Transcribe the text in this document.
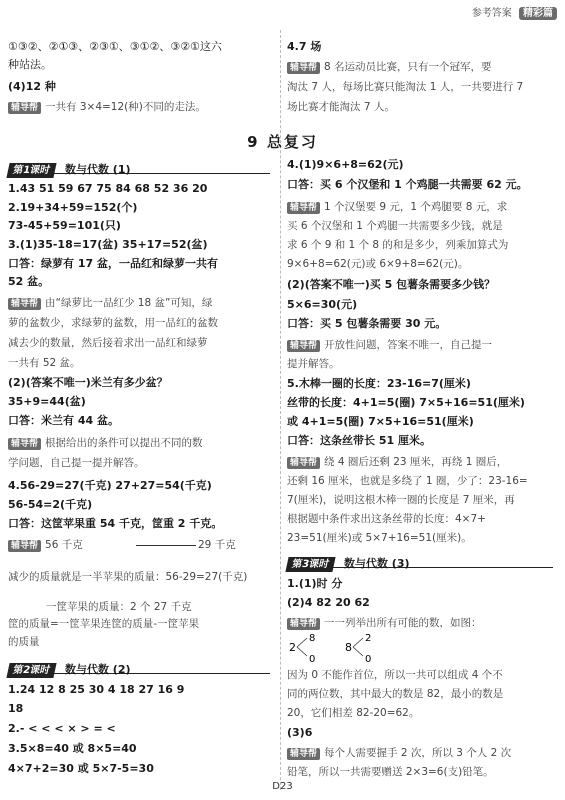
参考答案 精彩篇
9 总复习
①③②、②①③、②③①、③①②、③②①这六
种站法。
(4)12 种
辅导帮 一共有 3×4=12(种)不同的走法。
第1课时 数与代数 (1)
1.43 51 59 67 75 84 68 52 36 20
2.19+34+59=152(个)
73-45+59=101(只)
3.(1)35-18=17(盆) 35+17=52(盆)
口答：绿萝有 17 盆，一品红和绿萝一共有
52 盆。
辅导帮 由“绿萝比一品红少 18 盆”可知，绿
萝的盆数少，求绿萝的盆数，用一品红的盆数
减去少的数量，然后接着求出一品红和绿萝
一共有 52 盆。
(2)(答案不唯一)米兰有多少盆？
35+9=44(盆)
口答：米兰有 44 盆。
辅导帮 根据给出的条件可以提出不同的数
学问题，自己提一提并解答。
4.56-29=27(千克) 27+27=54(千克)
56-54=2(千克)
口答：这筐苹果重 54 千克，筐重 2 千克。
辅导帮 56 千克	29 千克
减少的质量就是一半苹果的质量：56-29=27(千克)
一筐苹果的质量：2 个 27 千克
筐的质量=一筐苹果连筐的质量-一筐苹果
的质量
第2课时 数与代数 (2)
1.24 12 8 25 30 4 18 27 16 9
18
2.- < < < × > = <
3.5×8=40 或 8×5=40
4×7+2=30 或 5×7-5=30
4.7 场
辅导帮 8 名运动员比赛，只有一个冠军，要
淘汰 7 人，每场比赛只能淘汰 1 人，一共要进行 7
场比赛才能淘汰 7 人。
4.(1)9×6+8=62(元)
口答：买 6 个汉堡和 1 个鸡腿一共需要 62 元。
辅导帮 1 个汉堡要 9 元，1 个鸡腿要 8 元，求
买 6 个汉堡和 1 个鸡腿一共需要多少钱，就是
求 6 个 9 和 1 个 8 的和是多少，列乘加算式为
9×6+8=62(元)或 6×9+8=62(元)。
(2)(答案不唯一)买 5 包薯条需要多少钱？
5×6=30(元)
口答：买 5 包薯条需要 30 元。
辅导帮 开放性问题，答案不唯一，自己提一
提并解答。
5.木棒一圈的长度：23-16=7(厘米)
丝带的长度：4+1=5(圈) 7×5+16=51(厘米)
或 4+1=5(圈) 7×5+16=51(厘米)
口答：这条丝带长 51 厘米。
辅导帮 绕 4 圈后还剩 23 厘米，再绕 1 圈后，
还剩 16 厘米，也就是多绕了 1 圈，少了：23-16=
7(厘米)，说明这根木棒一圈的长度是 7 厘米，再
根据题中条件求出这条丝带的长度：4×7+
23=51(厘米)或 5×7+16=51(厘米)。
第3课时 数与代数 (3)
1.(1)时 分
(2)4 82 20 62
辅导帮 一一列举出所有可能的数，如图：
2
8
0
8
2
0
因为 0 不能作首位，所以一共可以组成 4 个不
同的两位数，其中最大的数是 82，最小的数是
20，它们相差 82-20=62。
(3)6
辅导帮 每个人需要握手 2 次，所以 3 个人 2 次
铅笔，所以一共需要赠送 2×3=6(支)铅笔。
D23
